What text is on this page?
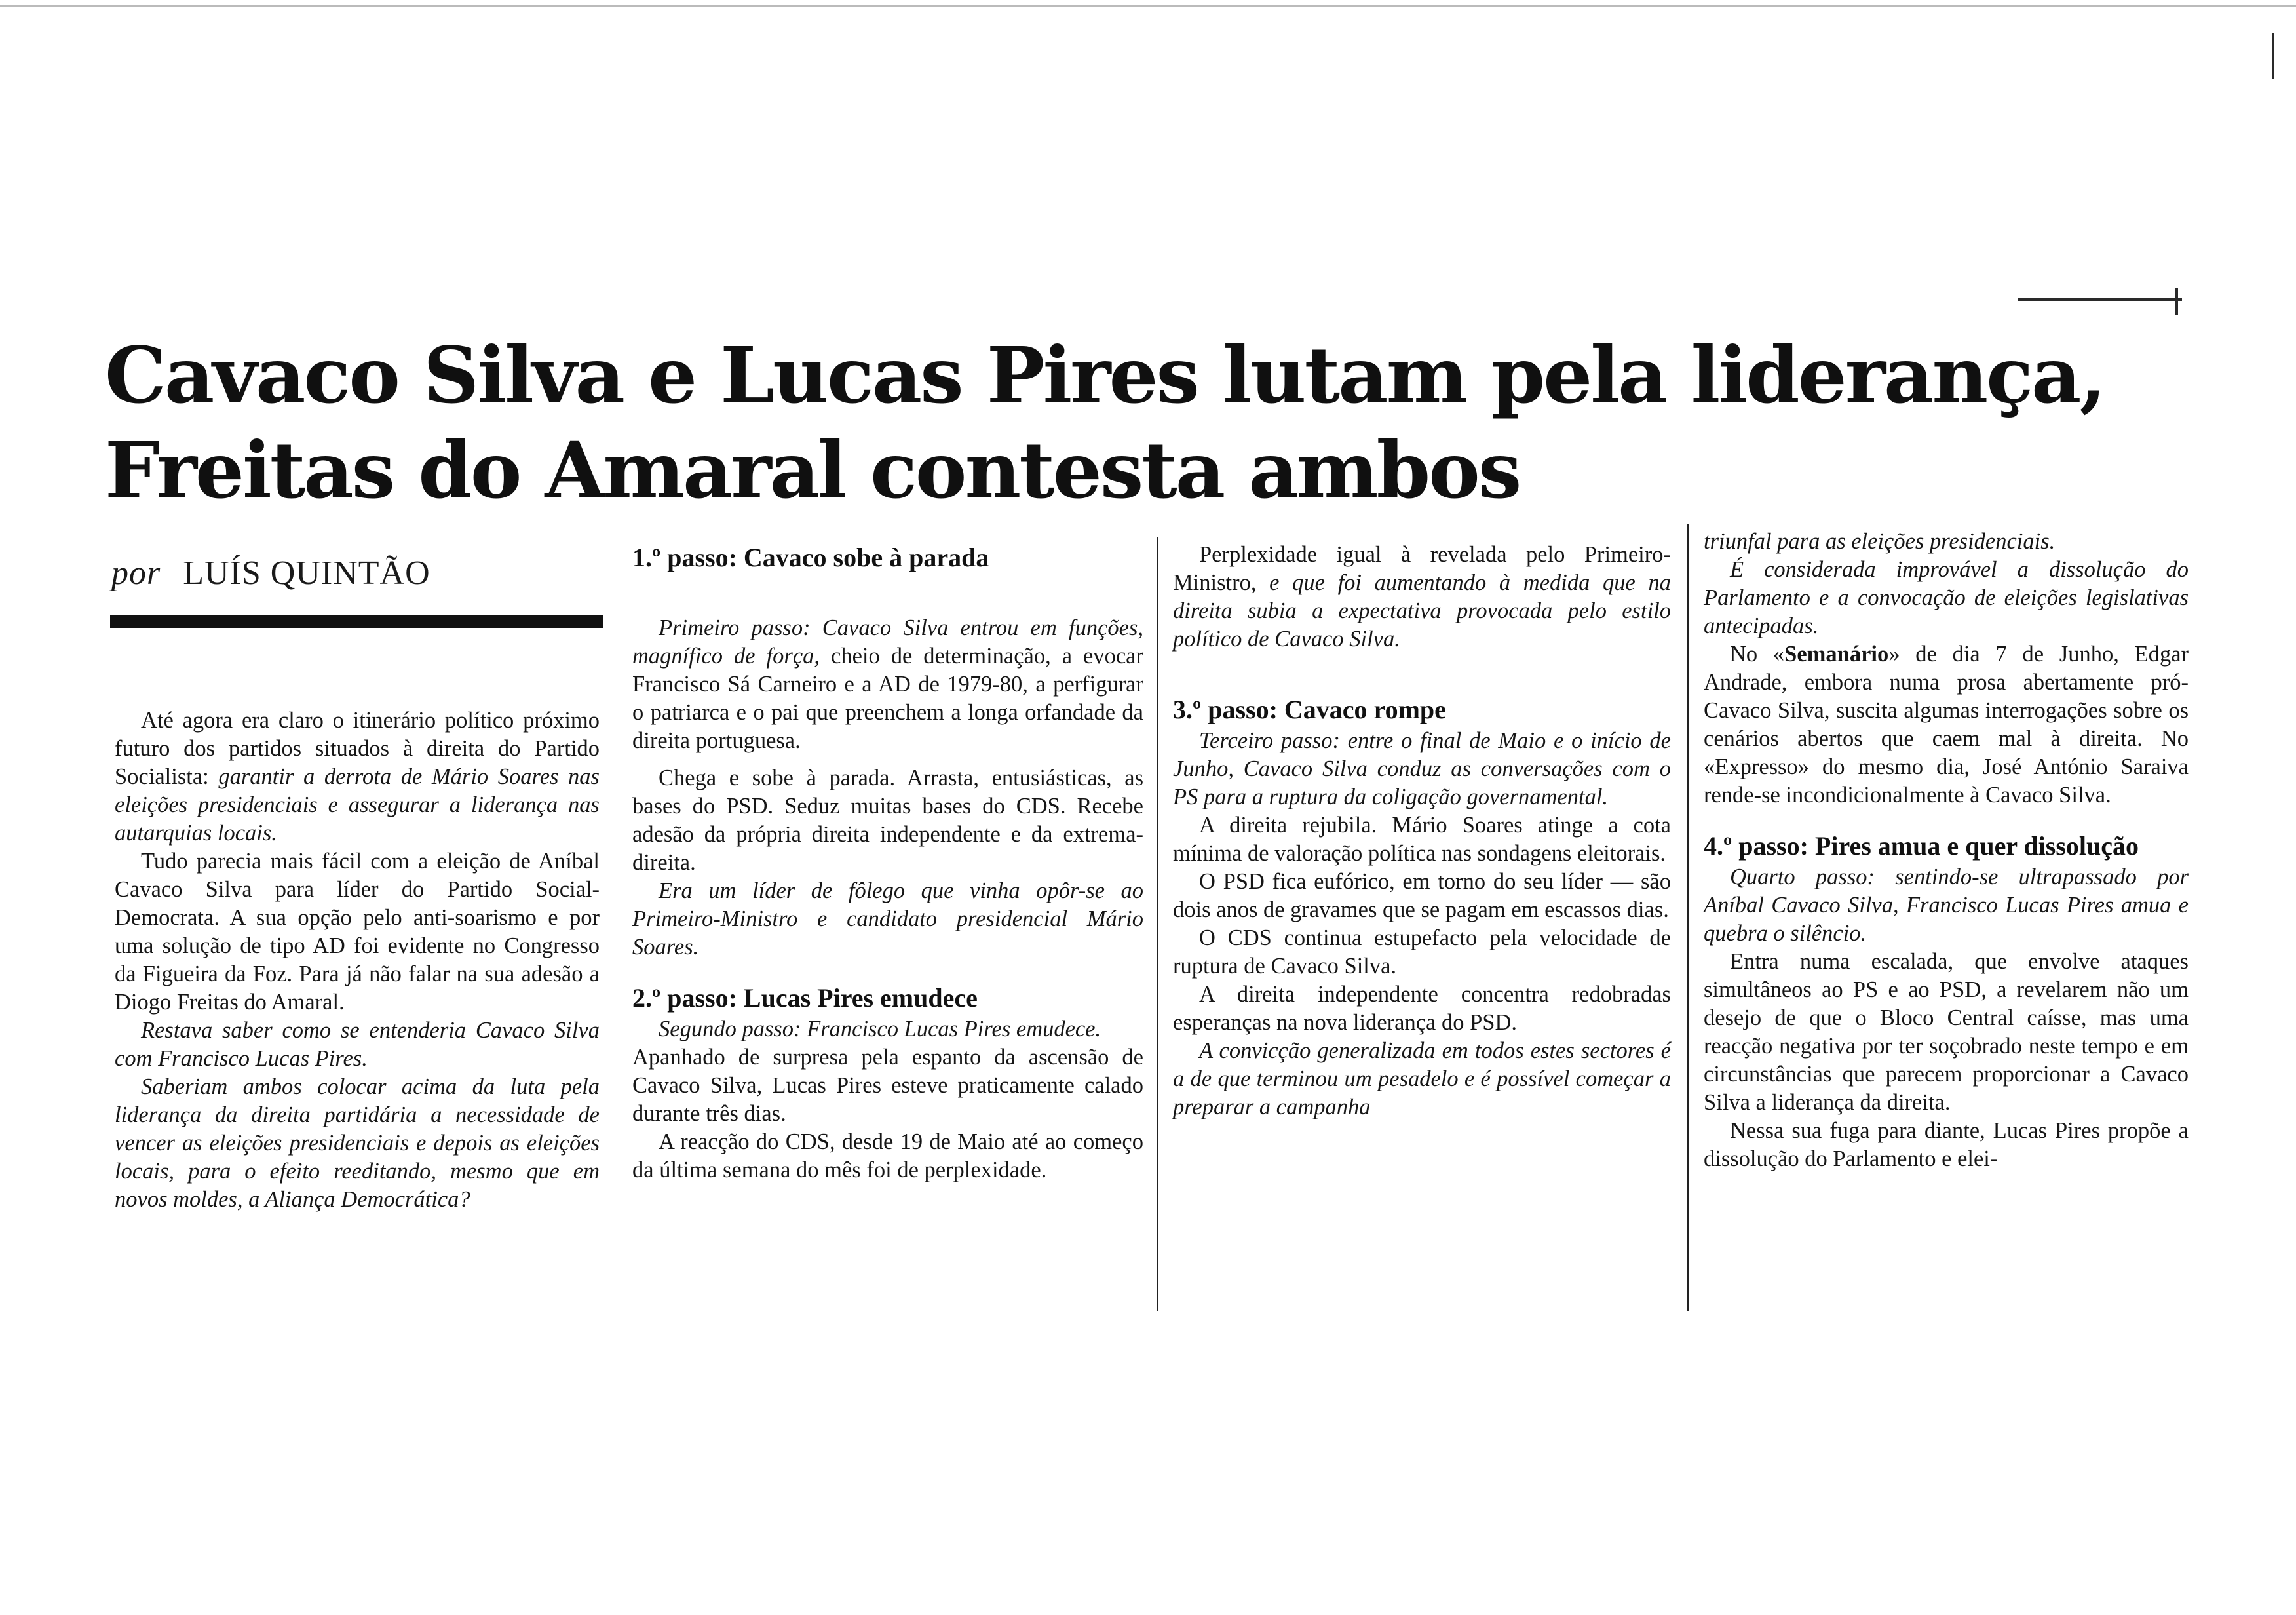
Cavaco Silva e Lucas Pires lutam pela liderança,
Freitas do Amaral contesta ambos
por LUÍS QUINTÃO

Até agora era claro o itinerário político próximo futuro dos partidos situados à direita do Partido Socialista: garantir a derrota de Mário Soares nas eleições presidenciais e assegurar a liderança nas autarquias locais.

Tudo parecia mais fácil com a eleição de Aníbal Cavaco Silva para líder do Partido Social-Democrata. A sua opção pelo anti-soarismo e por uma solução de tipo AD foi evidente no Congresso da Figueira da Foz. Para já não falar na sua adesão a Diogo Freitas do Amaral.

Restava saber como se entenderia Cavaco Silva com Francisco Lucas Pires.

Saberiam ambos colocar acima da luta pela liderança da direita partidária a necessidade de vencer as eleições presidenciais e depois as eleições locais, para o efeito reeditando, mesmo que em novos moldes, a Aliança Democrática?

1.º passo: Cavaco sobe à parada

Primeiro passo: Cavaco Silva entrou em funções, magnífico de força, cheio de determinação, a evocar Francisco Sá Carneiro e a AD de 1979-80, a perfigurar o patriarca e o pai que preenchem a longa orfandade da direita portuguesa.

Chega e sobe à parada. Arrasta, entusiásticas, as bases do PSD. Seduz muitas bases do CDS. Recebe adesão da própria direita independente e da extrema-direita.

Era um líder de fôlego que vinha opôr-se ao Primeiro-Ministro e candidato presidencial Mário Soares.

2.º passo: Lucas Pires emudece

Segundo passo: Francisco Lucas Pires emudece.

Apanhado de surpresa pela espanto da ascensão de Cavaco Silva, Lucas Pires esteve praticamente calado durante três dias.

A reacção do CDS, desde 19 de Maio até ao começo da última semana do mês foi de perplexidade.

Perplexidade igual à revelada pelo Primeiro-Ministro, e que foi aumentando à medida que na direita subia a expectativa provocada pelo estilo político de Cavaco Silva.

3.º passo: Cavaco rompe

Terceiro passo: entre o final de Maio e o início de Junho, Cavaco Silva conduz as conversações com o PS para a ruptura da coligação governamental.

A direita rejubila. Mário Soares atinge a cota mínima de valoração política nas sondagens eleitorais.

O PSD fica eufórico, em torno do seu líder — são dois anos de gravames que se pagam em escassos dias.

O CDS continua estupefacto pela velocidade de ruptura de Cavaco Silva.

A direita independente concentra redobradas esperanças na nova liderança do PSD.

A convicção generalizada em todos estes sectores é a de que terminou um pesadelo e é possível começar a preparar a campanha

triunfal para as eleições presidenciais.

É considerada improvável a dissolução do Parlamento e a convocação de eleições legislativas antecipadas.

No «Semanário» de dia 7 de Junho, Edgar Andrade, embora numa prosa abertamente pró-Cavaco Silva, suscita algumas interrogações sobre os cenários abertos que caem mal à direita. No «Expresso» do mesmo dia, José António Saraiva rende-se incondicionalmente à Cavaco Silva.

4.º passo: Pires amua e quer dissolução

Quarto passo: sentindo-se ultrapassado por Aníbal Cavaco Silva, Francisco Lucas Pires amua e quebra o silêncio.

Entra numa escalada, que envolve ataques simultâneos ao PS e ao PSD, a revelarem não um desejo de que o Bloco Central caísse, mas uma reacção negativa por ter soçobrado neste tempo e em circunstâncias que parecem proporcionar a Cavaco Silva a liderança da direita.

Nessa sua fuga para diante, Lucas Pires propõe a dissolução do Parlamento e elei-
